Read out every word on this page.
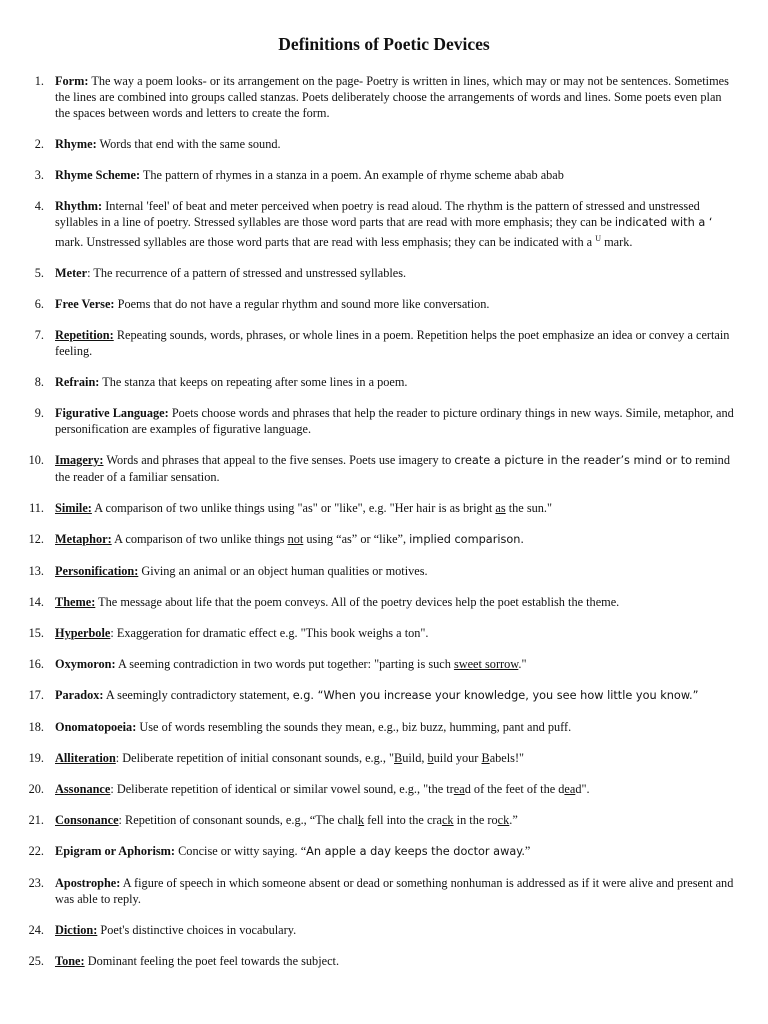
Definitions of Poetic Devices
1. Form: The way a poem looks- or its arrangement on the page- Poetry is written in lines, which may or may not be sentences. Sometimes the lines are combined into groups called stanzas. Poets deliberately choose the arrangements of words and lines. Some poets even plan the spaces between words and letters to create the form.
2. Rhyme: Words that end with the same sound.
3. Rhyme Scheme: The pattern of rhymes in a stanza in a poem. An example of rhyme scheme abab abab
4. Rhythm: Internal 'feel' of beat and meter perceived when poetry is read aloud. The rhythm is the pattern of stressed and unstressed syllables in a line of poetry. Stressed syllables are those word parts that are read with more emphasis; they can be indicated with a ‘ mark. Unstressed syllables are those word parts that are read with less emphasis; they can be indicated with a $^U$ mark.
5. Meter: The recurrence of a pattern of stressed and unstressed syllables.
6. Free Verse: Poems that do not have a regular rhythm and sound more like conversation.
7. Repetition: Repeating sounds, words, phrases, or whole lines in a poem. Repetition helps the poet emphasize an idea or convey a certain feeling.
8. Refrain: The stanza that keeps on repeating after some lines in a poem.
9. Figurative Language: Poets choose words and phrases that help the reader to picture ordinary things in new ways. Simile, metaphor, and personification are examples of figurative language.
10. Imagery: Words and phrases that appeal to the five senses. Poets use imagery to create a picture in the reader’s mind or to remind the reader of a familiar sensation.
11. Simile: A comparison of two unlike things using "as" or "like", e.g. "Her hair is as bright as the sun."
12. Metaphor: A comparison of two unlike things not using “as” or “like”, implied comparison.
13. Personification: Giving an animal or an object human qualities or motives.
14. Theme: The message about life that the poem conveys. All of the poetry devices help the poet establish the theme.
15. Hyperbole: Exaggeration for dramatic effect e.g. "This book weighs a ton".
16. Oxymoron: A seeming contradiction in two words put together: "parting is such sweet sorrow."
17. Paradox: A seemingly contradictory statement, e.g. “When you increase your knowledge, you see how little you know.”
18. Onomatopoeia: Use of words resembling the sounds they mean, e.g., biz buzz, humming, pant and puff.
19. Alliteration: Deliberate repetition of initial consonant sounds, e.g., "Build, build your Babels!"
20. Assonance: Deliberate repetition of identical or similar vowel sound, e.g., "the tread of the feet of the dead".
21. Consonance: Repetition of consonant sounds, e.g., “The chalk fell into the crack in the rock.”
22. Epigram or Aphorism: Concise or witty saying. “An apple a day keeps the doctor away.”
23. Apostrophe: A figure of speech in which someone absent or dead or something nonhuman is addressed as if it were alive and present and was able to reply.
24. Diction: Poet's distinctive choices in vocabulary.
25. Tone: Dominant feeling the poet feel towards the subject.
